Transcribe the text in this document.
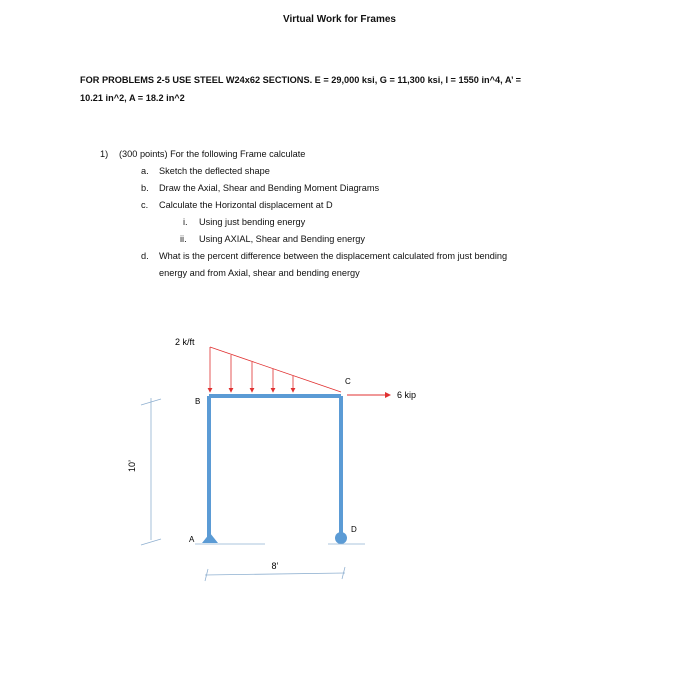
Virtual Work for Frames
FOR PROBLEMS 2-5 USE STEEL W24x62 SECTIONS. E = 29,000 ksi, G = 11,300 ksi, I = 1550 in^4, A’ =
10.21 in^2, A = 18.2 in^2
1) (300 points) For the following Frame calculate
a. Sketch the deflected shape
b. Draw the Axial, Shear and Bending Moment Diagrams
c. Calculate the Horizontal displacement at D
i. Using just bending energy
ii. Using AXIAL, Shear and Bending energy
d. What is the percent difference between the displacement calculated from just bending
energy and from Axial, shear and bending energy
2 k/ft
6 kip
B
C
A
D
10’
8’
